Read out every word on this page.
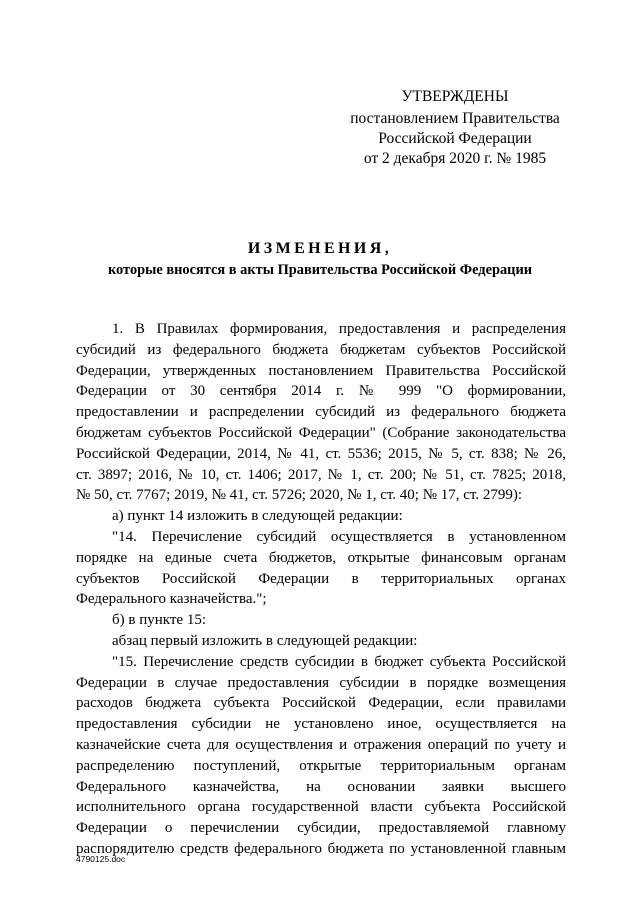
УТВЕРЖДЕНЫ
постановлением Правительства
Российской Федерации
от 2 декабря 2020 г. № 1985
ИЗМЕНЕНИЯ,
которые вносятся в акты Правительства Российской Федерации
1. В Правилах формирования, предоставления и распределения
субсидий из федерального бюджета бюджетам субъектов Российской
Федерации, утвержденных постановлением Правительства Российской
Федерации от 30 сентября 2014 г. № 999 "О формировании,
предоставлении и распределении субсидий из федерального бюджета
бюджетам субъектов Российской Федерации" (Собрание законодательства
Российской Федерации, 2014, № 41, ст. 5536; 2015, № 5, ст. 838; № 26,
ст. 3897; 2016, № 10, ст. 1406; 2017, № 1, ст. 200; № 51, ст. 7825; 2018,
№ 50, ст. 7767; 2019, № 41, ст. 5726; 2020, № 1, ст. 40; № 17, ст. 2799):
а) пункт 14 изложить в следующей редакции:
"14. Перечисление субсидий осуществляется в установленном
порядке на единые счета бюджетов, открытые финансовым органам
субъектов Российской Федерации в территориальных органах
Федерального казначейства.";
б) в пункте 15:
абзац первый изложить в следующей редакции:
"15. Перечисление средств субсидии в бюджет субъекта Российской
Федерации в случае предоставления субсидии в порядке возмещения
расходов бюджета субъекта Российской Федерации, если правилами
предоставления субсидии не установлено иное, осуществляется на
казначейские счета для осуществления и отражения операций по учету и
распределению поступлений, открытые территориальным органам
Федерального казначейства, на основании заявки высшего
исполнительного органа государственной власти субъекта Российской
Федерации о перечислении субсидии, предоставляемой главному
распорядителю средств федерального бюджета по установленной главным
4790125.doc
